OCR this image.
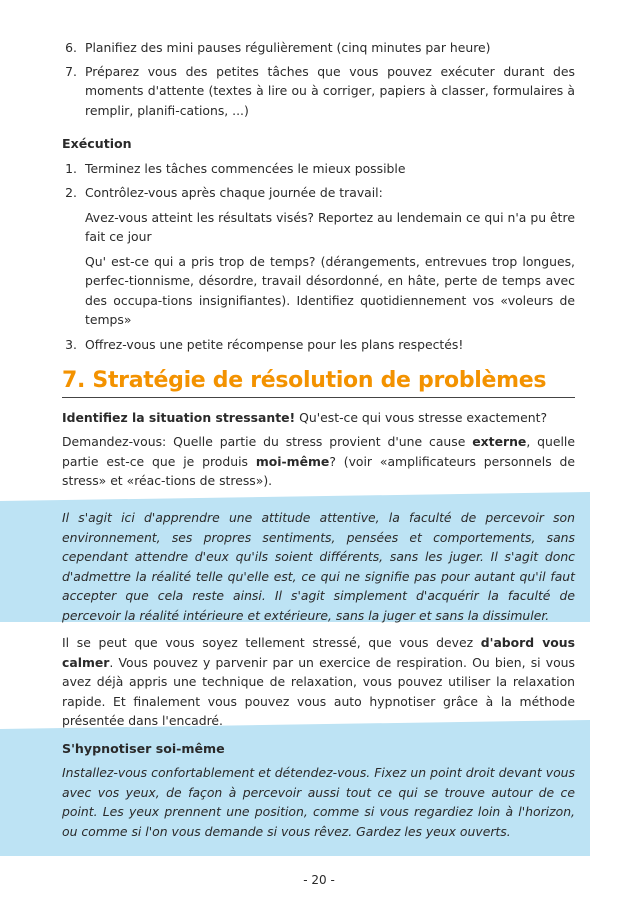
6. Planifiez des mini pauses régulièrement (cinq minutes par heure)
7. Préparez vous des petites tâches que vous pouvez exécuter durant des moments d'attente (textes à lire ou à corriger, papiers à classer, formulaires à remplir, planifi-cations, ...)
Exécution
1. Terminez les tâches commencées le mieux possible
2. Contrôlez-vous après chaque journée de travail:
Avez-vous atteint les résultats visés? Reportez au lendemain ce qui n'a pu être fait ce jour
Qu' est-ce qui a pris trop de temps? (dérangements, entrevues trop longues, perfec-tionnisme, désordre, travail désordonné, en hâte, perte de temps avec des occupa-tions insignifiantes). Identifiez quotidiennement vos «voleurs de temps»
3. Offrez-vous une petite récompense pour les plans respectés!
7. Stratégie de résolution de problèmes
Identifiez la situation stressante! Qu'est-ce qui vous stresse exactement?
Demandez-vous: Quelle partie du stress provient d'une cause externe, quelle partie est-ce que je produis moi-même? (voir «amplificateurs personnels de stress» et «réac-tions de stress»).
Il s'agit ici d'apprendre une attitude attentive, la faculté de percevoir son environnement, ses propres sentiments, pensées et comportements, sans cependant attendre d'eux qu'ils soient différents, sans les juger. Il s'agit donc d'admettre la réalité telle qu'elle est, ce qui ne signifie pas pour autant qu'il faut accepter que cela reste ainsi. Il s'agit simplement d'acquérir la faculté de percevoir la réalité intérieure et extérieure, sans la juger et sans la dissimuler.
Il se peut que vous soyez tellement stressé, que vous devez d'abord vous calmer. Vous pouvez y parvenir par un exercice de respiration. Ou bien, si vous avez déjà appris une technique de relaxation, vous pouvez utiliser la relaxation rapide. Et finalement vous pouvez vous auto hypnotiser grâce à la méthode présentée dans l'encadré.
S'hypnotiser soi-même
Installez-vous confortablement et détendez-vous. Fixez un point droit devant vous avec vos yeux, de façon à percevoir aussi tout ce qui se trouve autour de ce point. Les yeux prennent une position, comme si vous regardiez loin à l'horizon, ou comme si l'on vous demande si vous rêvez. Gardez les yeux ouverts.
- 20 -
